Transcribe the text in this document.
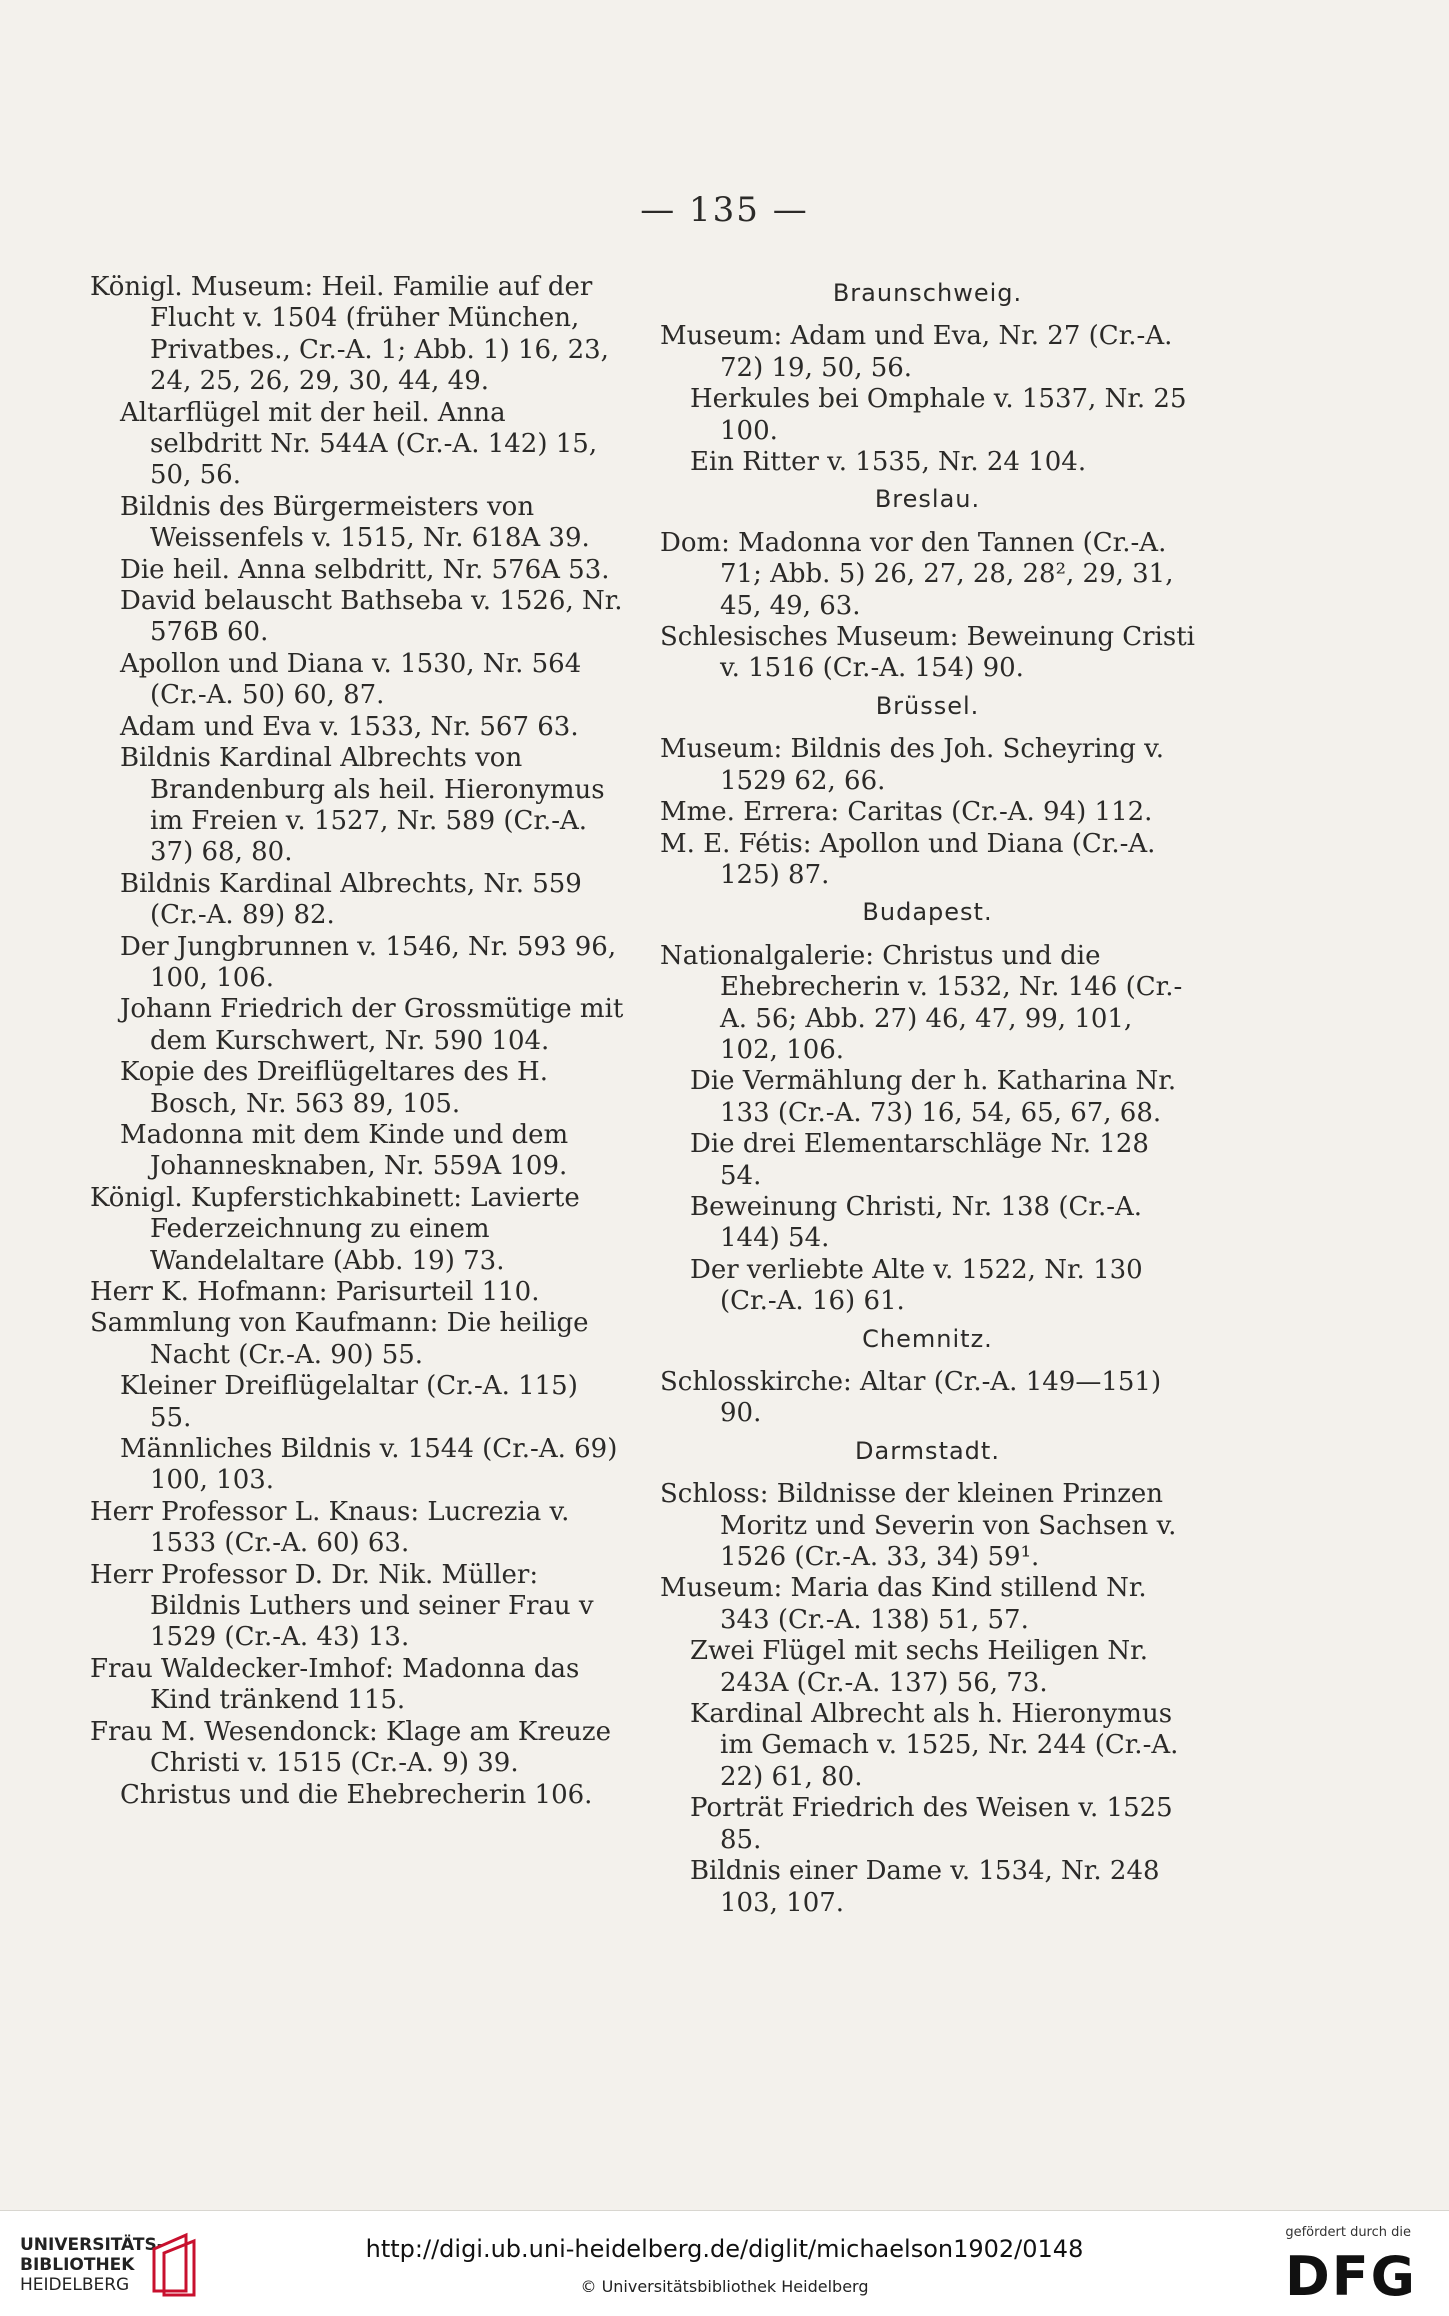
— 135 —
Königl. Museum: Heil. Familie auf der Flucht v. 1504 (früher München, Privatbes., Cr.-A. 1; Abb. 1) 16, 23, 24, 25, 26, 29, 30, 44, 49.
Altarflügel mit der heil. Anna selbdritt Nr. 544A (Cr.-A. 142) 15, 50, 56.
Bildnis des Bürgermeisters von Weissenfels v. 1515, Nr. 618A 39.
Die heil. Anna selbdritt, Nr. 576A 53.
David belauscht Bathseba v. 1526, Nr. 576B 60.
Apollon und Diana v. 1530, Nr. 564 (Cr.-A. 50) 60, 87.
Adam und Eva v. 1533, Nr. 567 63.
Bildnis Kardinal Albrechts von Brandenburg als heil. Hieronymus im Freien v. 1527, Nr. 589 (Cr.-A. 37) 68, 80.
Bildnis Kardinal Albrechts, Nr. 559 (Cr.-A. 89) 82.
Der Jungbrunnen v. 1546, Nr. 593 96, 100, 106.
Johann Friedrich der Grossmütige mit dem Kurschwert, Nr. 590 104.
Kopie des Dreiflügeltares des H. Bosch, Nr. 563 89, 105.
Madonna mit dem Kinde und dem Johannesknaben, Nr. 559A 109.
Königl. Kupferstichkabinett: Lavierte Federzeichnung zu einem Wandelaltare (Abb. 19) 73.
Herr K. Hofmann: Parisurteil 110.
Sammlung von Kaufmann: Die heilige Nacht (Cr.-A. 90) 55.
Kleiner Dreiflügelaltar (Cr.-A. 115) 55.
Männliches Bildnis v. 1544 (Cr.-A. 69) 100, 103.
Herr Professor L. Knaus: Lucrezia v. 1533 (Cr.-A. 60) 63.
Herr Professor D. Dr. Nik. Müller: Bildnis Luthers und seiner Frau v 1529 (Cr.-A. 43) 13.
Frau Waldecker-Imhof: Madonna das Kind tränkend 115.
Frau M. Wesendonck: Klage am Kreuze Christi v. 1515 (Cr.-A. 9) 39.
Christus und die Ehebrecherin 106.
Braunschweig.
Museum: Adam und Eva, Nr. 27 (Cr.-A. 72) 19, 50, 56.
Herkules bei Omphale v. 1537, Nr. 25 100.
Ein Ritter v. 1535, Nr. 24 104.
Breslau.
Dom: Madonna vor den Tannen (Cr.-A. 71; Abb. 5) 26, 27, 28, 28², 29, 31, 45, 49, 63.
Schlesisches Museum: Beweinung Cristi v. 1516 (Cr.-A. 154) 90.
Brüssel.
Museum: Bildnis des Joh. Scheyring v. 1529 62, 66.
Mme. Errera: Caritas (Cr.-A. 94) 112.
M. E. Fétis: Apollon und Diana (Cr.-A. 125) 87.
Budapest.
Nationalgalerie: Christus und die Ehebrecherin v. 1532, Nr. 146 (Cr.-A. 56; Abb. 27) 46, 47, 99, 101, 102, 106.
Die Vermählung der h. Katharina Nr. 133 (Cr.-A. 73) 16, 54, 65, 67, 68.
Die drei Elementarschläge Nr. 128 54.
Beweinung Christi, Nr. 138 (Cr.-A. 144) 54.
Der verliebte Alte v. 1522, Nr. 130 (Cr.-A. 16) 61.
Chemnitz.
Schlosskirche: Altar (Cr.-A. 149—151) 90.
Darmstadt.
Schloss: Bildnisse der kleinen Prinzen Moritz und Severin von Sachsen v. 1526 (Cr.-A. 33, 34) 59¹.
Museum: Maria das Kind stillend Nr. 343 (Cr.-A. 138) 51, 57.
Zwei Flügel mit sechs Heiligen Nr. 243A (Cr.-A. 137) 56, 73.
Kardinal Albrecht als h. Hieronymus im Gemach v. 1525, Nr. 244 (Cr.-A. 22) 61, 80.
Porträt Friedrich des Weisen v. 1525 85.
Bildnis einer Dame v. 1534, Nr. 248 103, 107.
UNIVERSITÄTS-
BIBLIOTHEK
HEIDELBERG
http://digi.ub.uni-heidelberg.de/diglit/michaelson1902/0148
© Universitätsbibliothek Heidelberg
gefördert durch die
DFG
